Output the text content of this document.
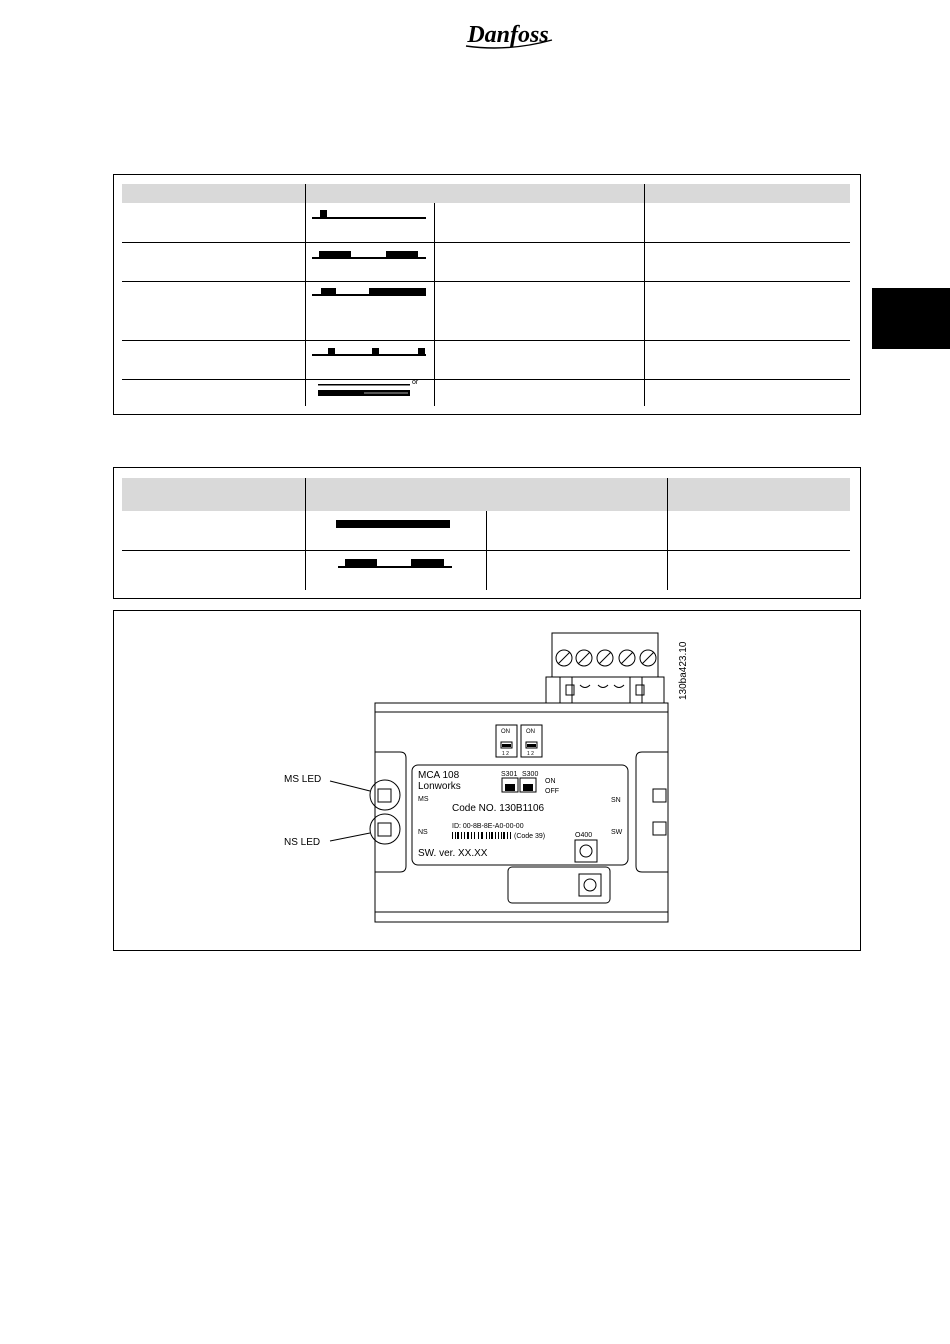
Danfoss
or
130ba423.10
MS LED
NS LED
ON	ON
1 2	1 2
MCA 108
Lonworks
MS
NS
SN
SW
S301 S300
ON
OFF
Code NO. 130B1106
ID: 00-8B-8E-A0-00-00
(Code 39)	O400
SW. ver. XX.XX
